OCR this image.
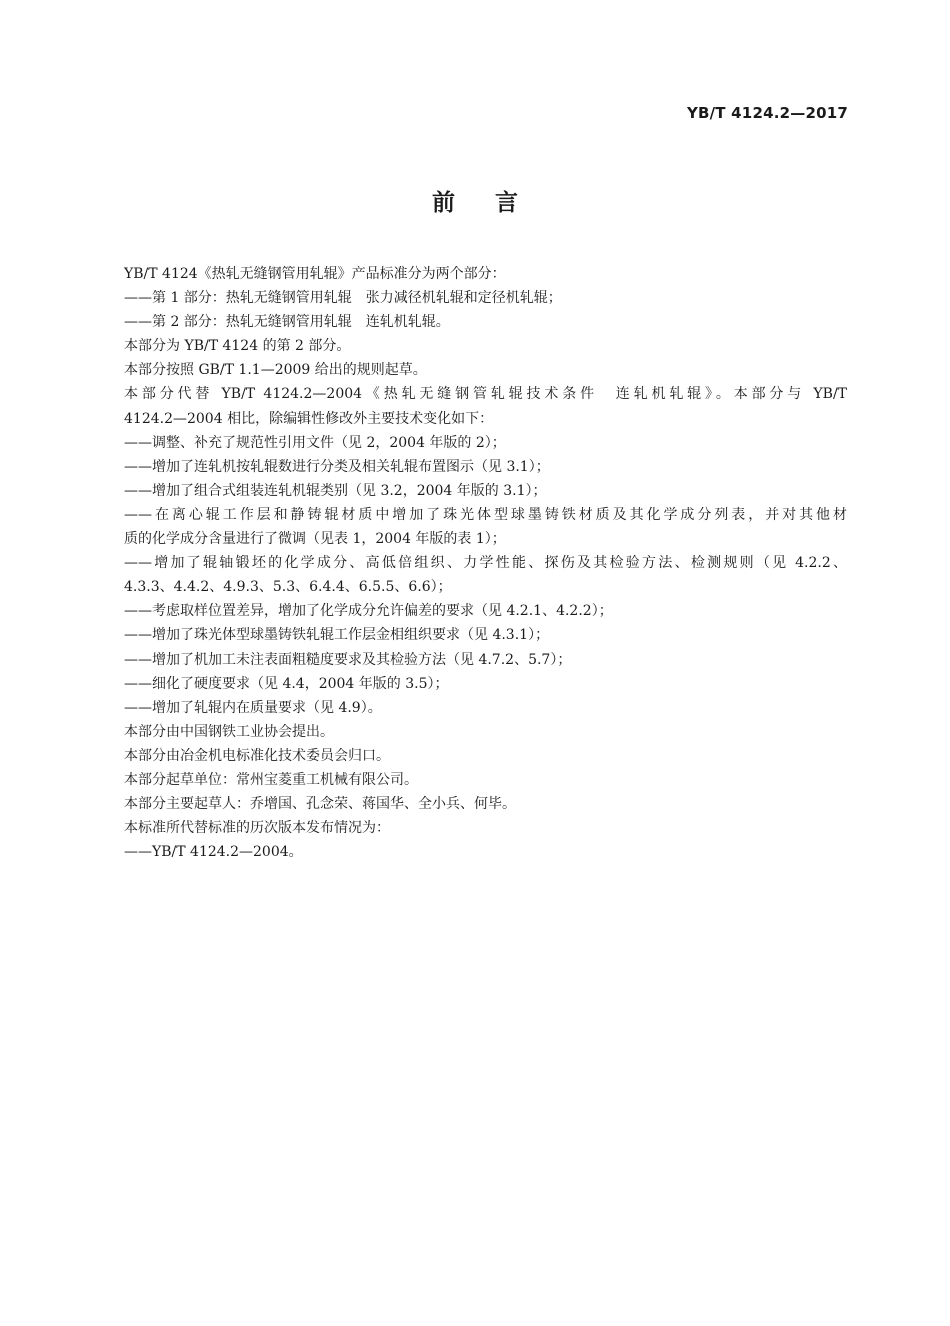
YB/T 4124.2—2017
前言
YB/T 4124《热轧无缝钢管用轧辊》产品标准分为两个部分：
——第 1 部分：热轧无缝钢管用轧辊　张力减径机轧辊和定径机轧辊；
——第 2 部分：热轧无缝钢管用轧辊　连轧机轧辊。
本部分为 YB/T 4124 的第 2 部分。
本部分按照 GB/T 1.1—2009 给出的规则起草。
本部分代替 YB/T 4124.2—2004《热轧无缝钢管轧辊技术条件　连轧机轧辊》。本部分与 YB/T
4124.2—2004 相比，除编辑性修改外主要技术变化如下：
——调整、补充了规范性引用文件（见 2，2004 年版的 2）；
——增加了连轧机按轧辊数进行分类及相关轧辊布置图示（见 3.1）；
——增加了组合式组装连轧机辊类别（见 3.2，2004 年版的 3.1）；
——在离心辊工作层和静铸辊材质中增加了珠光体型球墨铸铁材质及其化学成分列表，并对其他材
质的化学成分含量进行了微调（见表 1，2004 年版的表 1）；
——增加了辊轴锻坯的化学成分、高低倍组织、力学性能、探伤及其检验方法、检测规则（见 4.2.2、
4.3.3、4.4.2、4.9.3、5.3、6.4.4、6.5.5、6.6）；
——考虑取样位置差异，增加了化学成分允许偏差的要求（见 4.2.1、4.2.2）；
——增加了珠光体型球墨铸铁轧辊工作层金相组织要求（见 4.3.1）；
——增加了机加工未注表面粗糙度要求及其检验方法（见 4.7.2、5.7）；
——细化了硬度要求（见 4.4，2004 年版的 3.5）；
——增加了轧辊内在质量要求（见 4.9）。
本部分由中国钢铁工业协会提出。
本部分由冶金机电标准化技术委员会归口。
本部分起草单位：常州宝菱重工机械有限公司。
本部分主要起草人：乔增国、孔念荣、蒋国华、全小兵、何毕。
本标准所代替标准的历次版本发布情况为：
——YB/T 4124.2—2004。
